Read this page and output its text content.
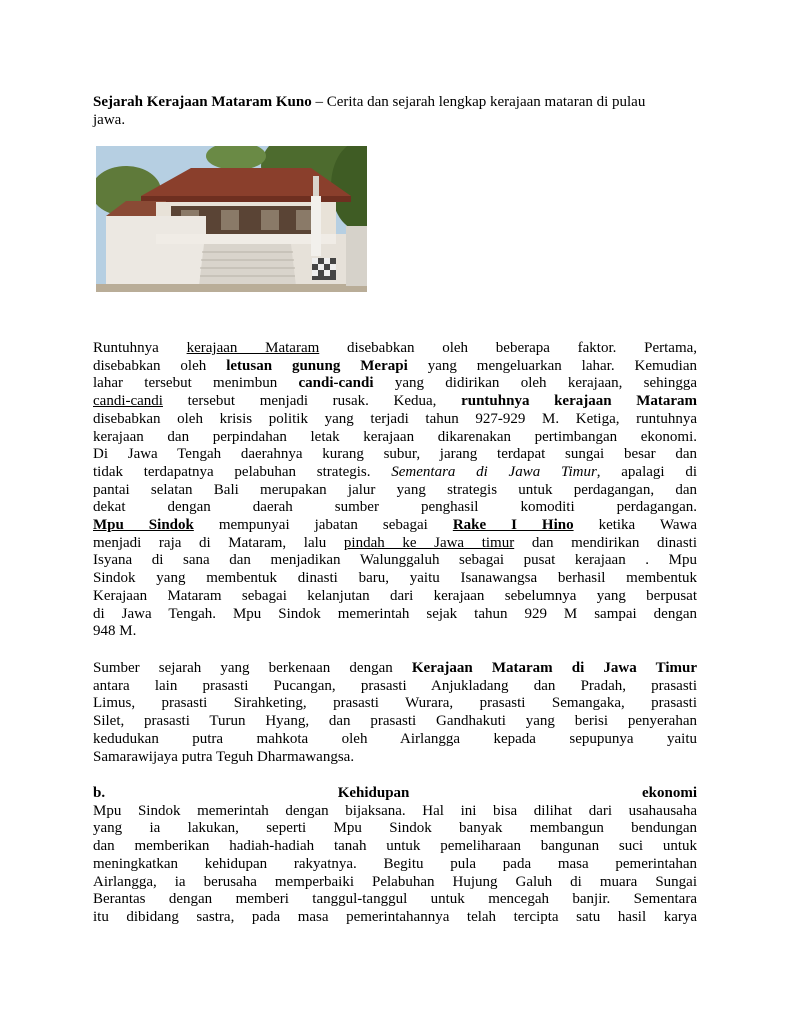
Sejarah Kerajaan Mataram Kuno – Cerita dan sejarah lengkap kerajaan mataran di pulau

jawa.

Runtuhnya kerajaan Mataram disebabkan oleh beberapa faktor. Pertama,
disebabkan oleh letusan gunung Merapi yang mengeluarkan lahar. Kemudian
lahar tersebut menimbun candi-candi yang didirikan oleh kerajaan, sehingga
candi-candi tersebut menjadi rusak. Kedua, runtuhnya kerajaan Mataram
disebabkan oleh krisis politik yang terjadi tahun 927-929 M. Ketiga, runtuhnya
kerajaan dan perpindahan letak kerajaan dikarenakan pertimbangan ekonomi.
Di Jawa Tengah daerahnya kurang subur, jarang terdapat sungai besar dan
tidak terdapatnya pelabuhan strategis. Sementara di Jawa Timur, apalagi di
pantai selatan Bali merupakan jalur yang strategis untuk perdagangan, dan
dekat dengan daerah sumber penghasil komoditi perdagangan.
Mpu Sindok mempunyai jabatan sebagai Rake I Hino ketika Wawa
menjadi raja di Mataram, lalu pindah ke Jawa timur dan mendirikan dinasti
Isyana di sana dan menjadikan Walunggaluh sebagai pusat kerajaan . Mpu
Sindok yang membentuk dinasti baru, yaitu Isanawangsa berhasil membentuk
Kerajaan Mataram sebagai kelanjutan dari kerajaan sebelumnya yang berpusat
di Jawa Tengah. Mpu Sindok memerintah sejak tahun 929 M sampai dengan
948 M.

Sumber sejarah yang berkenaan dengan Kerajaan Mataram di Jawa Timur
antara lain prasasti Pucangan, prasasti Anjukladang dan Pradah, prasasti
Limus, prasasti Sirahketing, prasasti Wurara, prasasti Semangaka, prasasti
Silet, prasasti Turun Hyang, dan prasasti Gandhakuti yang berisi penyerahan
kedudukan putra mahkota oleh Airlangga kepada sepupunya yaitu
Samarawijaya putra Teguh Dharmawangsa.

b.	Kehidupan	ekonomi
Mpu Sindok memerintah dengan bijaksana. Hal ini bisa dilihat dari usahausaha
yang ia lakukan, seperti Mpu Sindok banyak membangun bendungan
dan memberikan hadiah-hadiah tanah untuk pemeliharaan bangunan suci untuk
meningkatkan kehidupan rakyatnya. Begitu pula pada masa pemerintahan
Airlangga, ia berusaha memperbaiki Pelabuhan Hujung Galuh di muara Sungai
Berantas dengan memberi tanggul-tanggul untuk mencegah banjir. Sementara
itu dibidang sastra, pada masa pemerintahannya telah tercipta satu hasil karya
